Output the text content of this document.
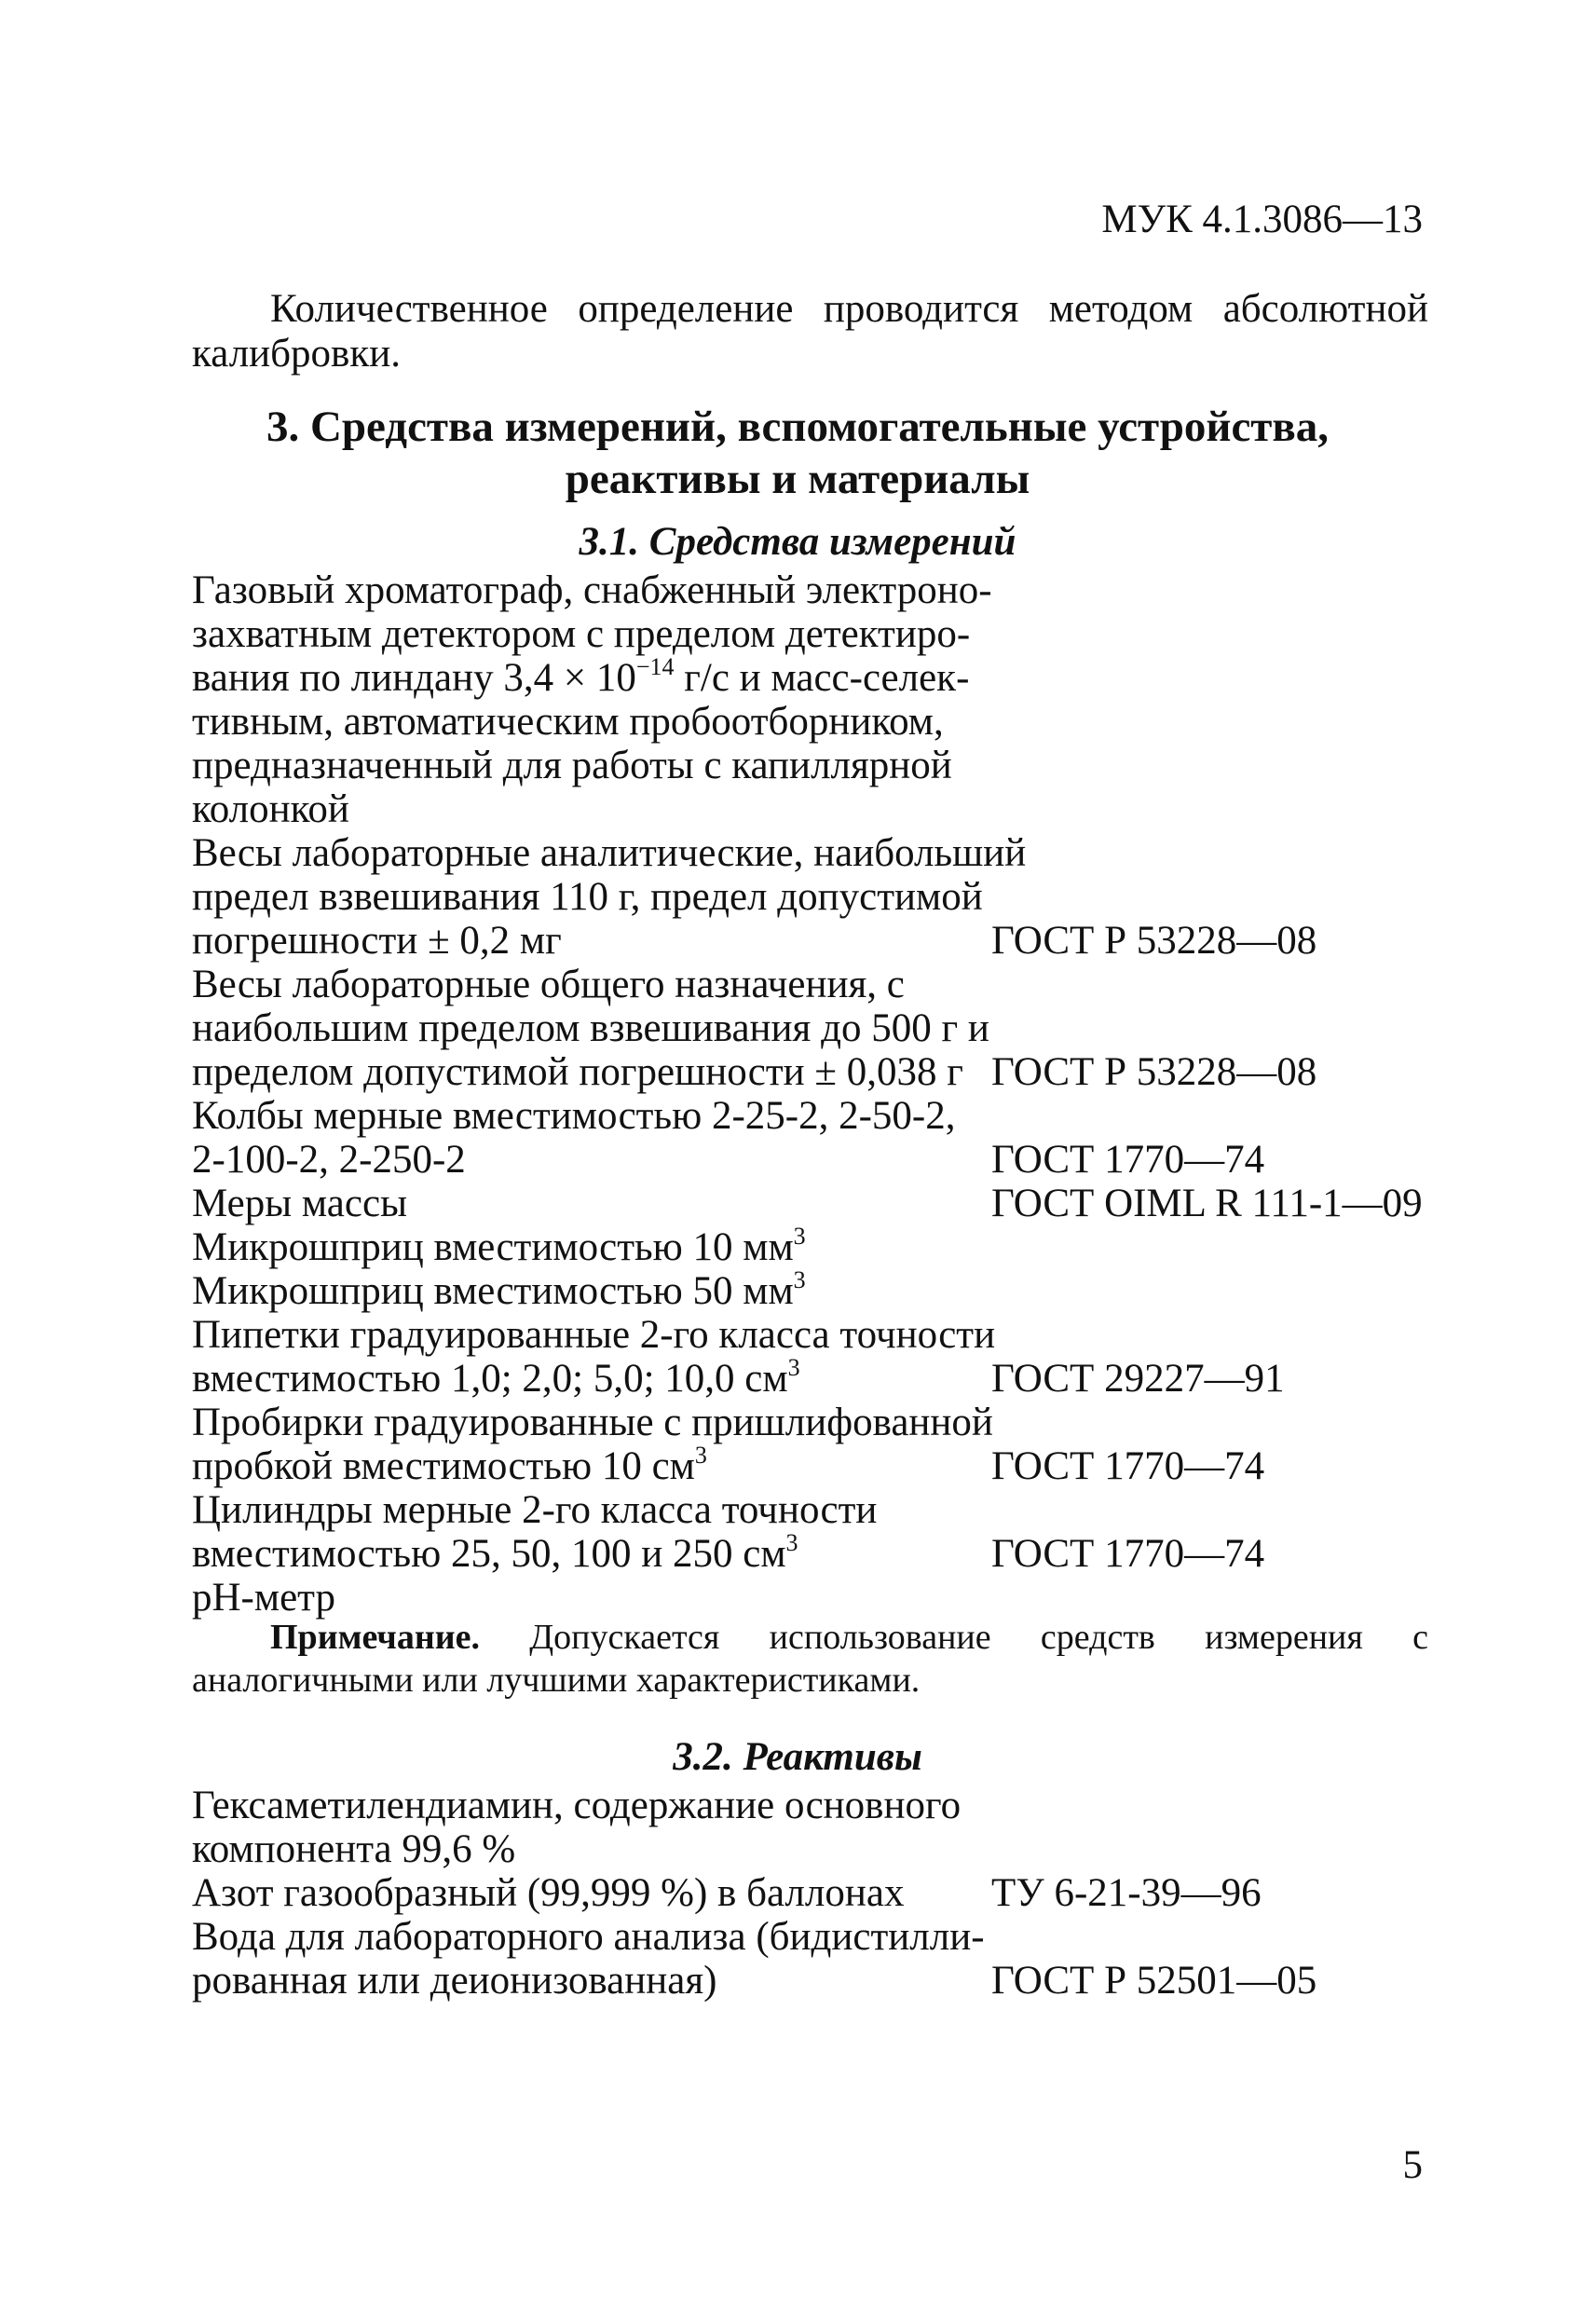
МУК 4.1.3086—13

Количественное определение проводится методом абсолютной калибровки.

3. Средства измерений, вспомогательные устройства,
реактивы и материалы
3.1. Средства измерений
Газовый хроматограф, снабженный электроно-
захватным детектором с пределом детектиро-
вания по линдану $3,4 \times 10^{-14}$ г/с и масс-селек-
тивным, автоматическим пробоотборником,
предназначенный для работы с капиллярной
колонкой
Весы лабораторные аналитические, наибольший
предел взвешивания 110 г, предел допустимой
погрешности ± 0,2 мг	ГОСТ Р 53228—08
Весы лабораторные общего назначения, с
наибольшим пределом взвешивания до 500 г и
пределом допустимой погрешности ± 0,038 г ГОСТ Р 53228—08
Колбы мерные вместимостью 2-25-2, 2-50-2,
2-100-2, 2-250-2	ГОСТ 1770—74
Меры массы	ГОСТ OIML R 111-1—09
Микрошприц вместимостью 10 $мм^3$
Микрошприц вместимостью 50 $мм^3$
Пипетки градуированные 2-го класса точности
вместимостью 1,0; 2,0; 5,0; 10,0 $см^3$	ГОСТ 29227—91
Пробирки градуированные с пришлифованной
пробкой вместимостью 10 $см^3$	ГОСТ 1770—74
Цилиндры мерные 2-го класса точности
вместимостью 25, 50, 100 и 250 $см^3$	ГОСТ 1770—74
pH-метр

Примечание. Допускается использование средств измерения с аналогичными или лучшими характеристиками.

3.2. Реактивы
Гексаметилендиамин, содержание основного
компонента 99,6 %
Азот газообразный (99,999 %) в баллонах	ТУ 6-21-39—96
Вода для лабораторного анализа (бидистилли-
рованная или деионизованная)	ГОСТ Р 52501—05
5
